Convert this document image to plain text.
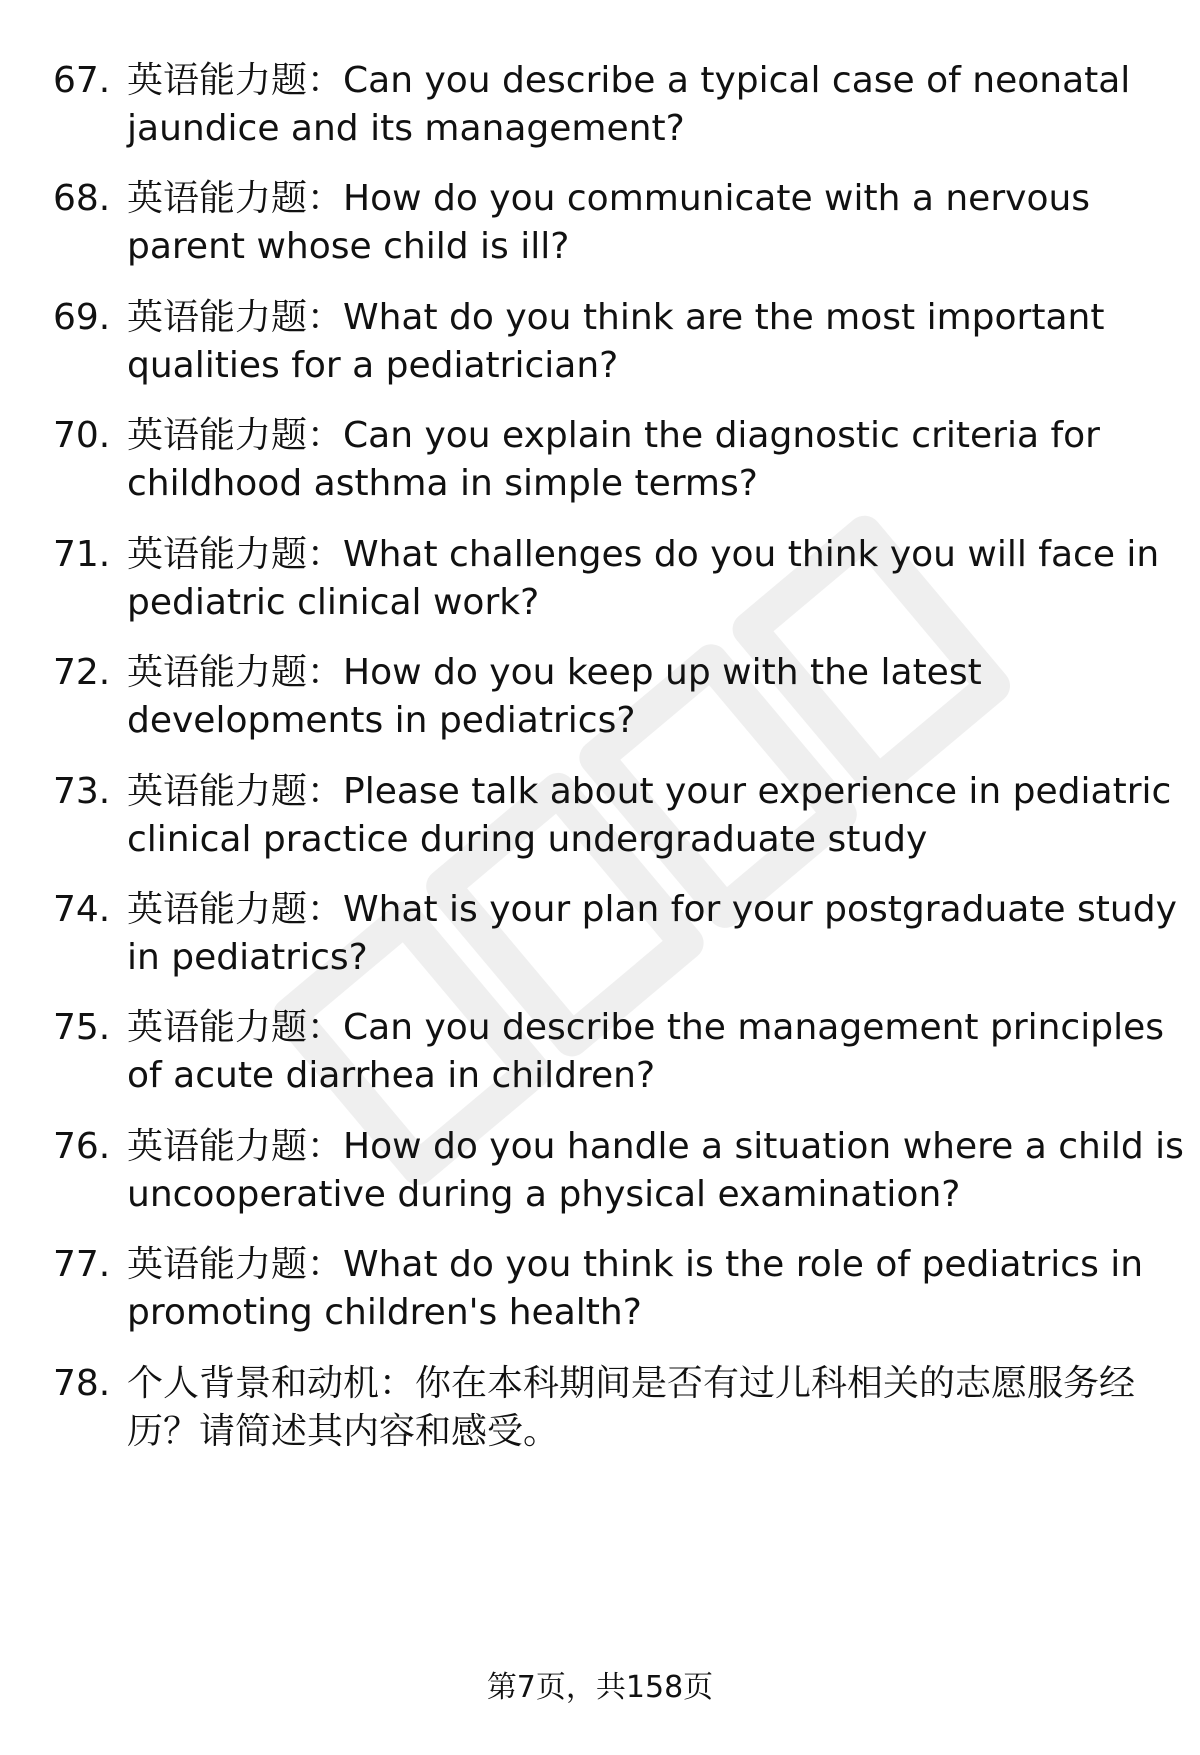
67. 英语能力题：Can you describe a typical case of neonatal
jaundice and its management?
68. 英语能力题：How do you communicate with a nervous
parent whose child is ill?
69. 英语能力题：What do you think are the most important
qualities for a pediatrician?
70. 英语能力题：Can you explain the diagnostic criteria for
childhood asthma in simple terms?
71. 英语能力题：What challenges do you think you will face in
pediatric clinical work?
72. 英语能力题：How do you keep up with the latest
developments in pediatrics?
73. 英语能力题：Please talk about your experience in pediatric
clinical practice during undergraduate study
74. 英语能力题：What is your plan for your postgraduate study
in pediatrics?
75. 英语能力题：Can you describe the management principles
of acute diarrhea in children?
76. 英语能力题：How do you handle a situation where a child is
uncooperative during a physical examination?
77. 英语能力题：What do you think is the role of pediatrics in
promoting children's health?
78. 个人背景和动机：你在本科期间是否有过儿科相关的志愿服务经
历？请简述其内容和感受。
第7页，共158页
